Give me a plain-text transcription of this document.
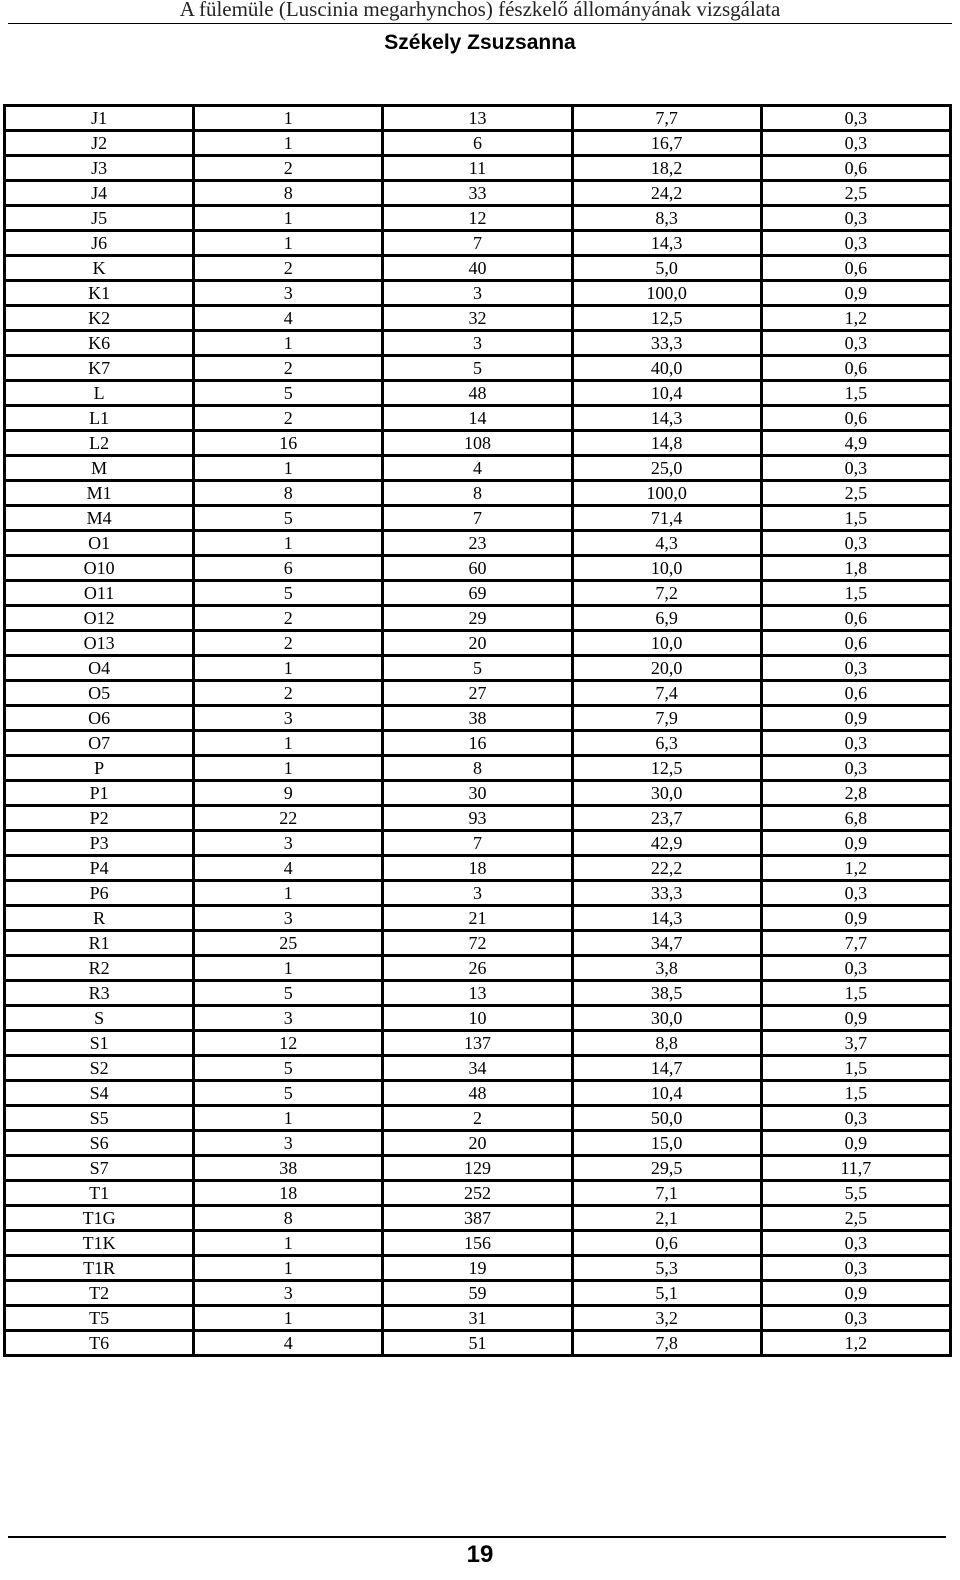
A fülemüle (Luscinia megarhynchos) fészkelő állományának vizsgálata
Székely Zsuzsanna
J1	1	13	7,7	0,3
J2	1	6	16,7	0,3
J3	2	11	18,2	0,6
J4	8	33	24,2	2,5
J5	1	12	8,3	0,3
J6	1	7	14,3	0,3
K	2	40	5,0	0,6
K1	3	3	100,0	0,9
K2	4	32	12,5	1,2
K6	1	3	33,3	0,3
K7	2	5	40,0	0,6
L	5	48	10,4	1,5
L1	2	14	14,3	0,6
L2	16	108	14,8	4,9
M	1	4	25,0	0,3
M1	8	8	100,0	2,5
M4	5	7	71,4	1,5
O1	1	23	4,3	0,3
O10	6	60	10,0	1,8
O11	5	69	7,2	1,5
O12	2	29	6,9	0,6
O13	2	20	10,0	0,6
O4	1	5	20,0	0,3
O5	2	27	7,4	0,6
O6	3	38	7,9	0,9
O7	1	16	6,3	0,3
P	1	8	12,5	0,3
P1	9	30	30,0	2,8
P2	22	93	23,7	6,8
P3	3	7	42,9	0,9
P4	4	18	22,2	1,2
P6	1	3	33,3	0,3
R	3	21	14,3	0,9
R1	25	72	34,7	7,7
R2	1	26	3,8	0,3
R3	5	13	38,5	1,5
S	3	10	30,0	0,9
S1	12	137	8,8	3,7
S2	5	34	14,7	1,5
S4	5	48	10,4	1,5
S5	1	2	50,0	0,3
S6	3	20	15,0	0,9
S7	38	129	29,5	11,7
T1	18	252	7,1	5,5
T1G	8	387	2,1	2,5
T1K	1	156	0,6	0,3
T1R	1	19	5,3	0,3
T2	3	59	5,1	0,9
T5	1	31	3,2	0,3
T6	4	51	7,8	1,2
19
